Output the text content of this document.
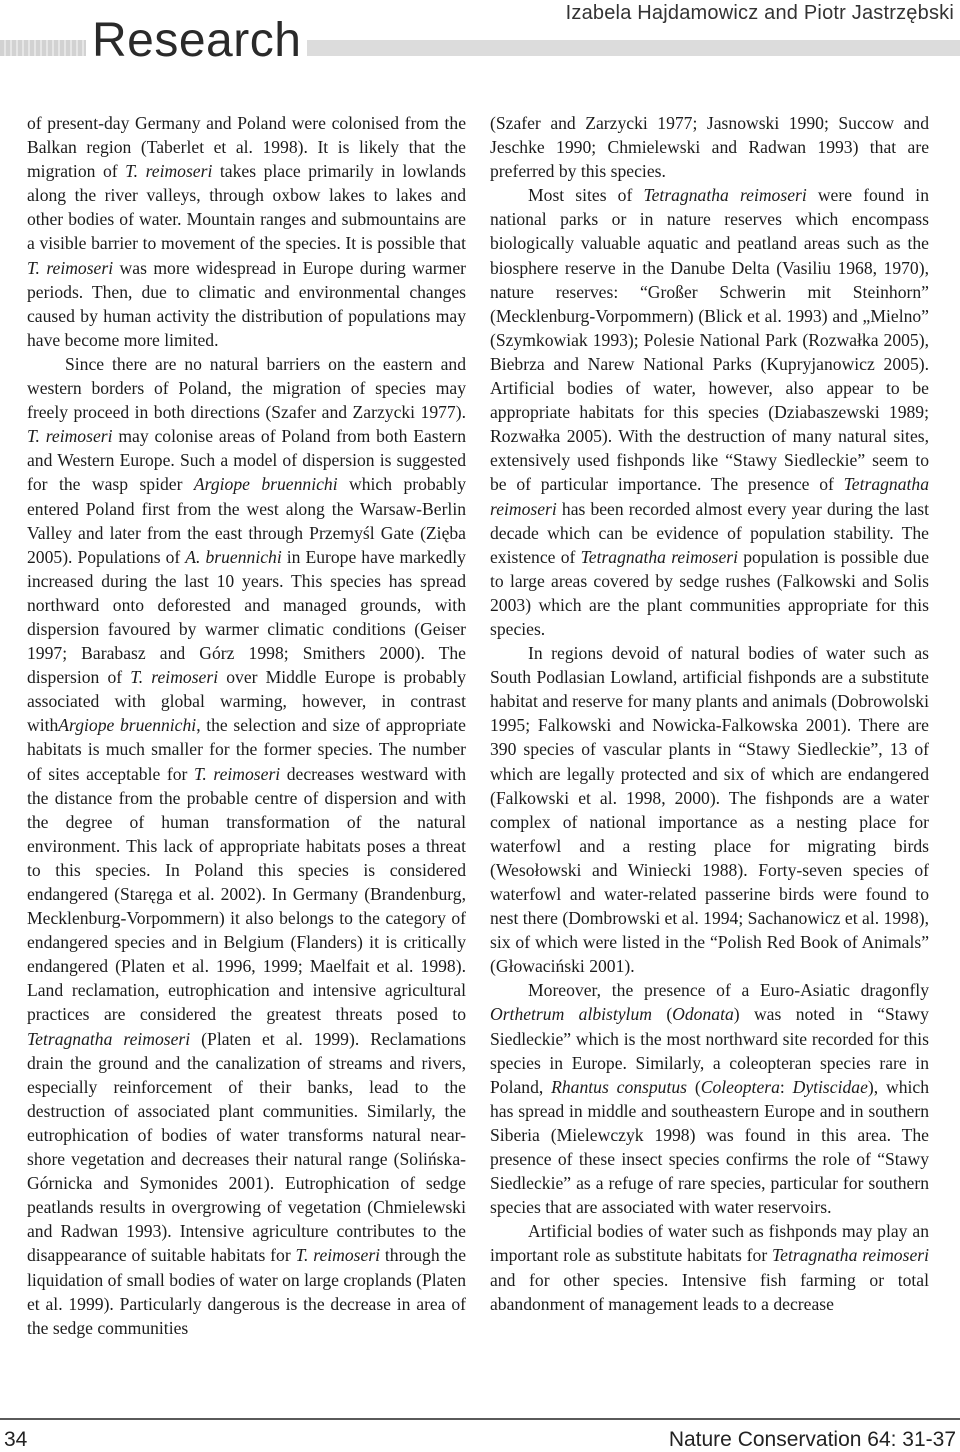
Izabela Hajdamowicz and Piotr Jastrzębski
Research

of present-day Germany and Poland were colonised from the Balkan region (Taberlet et al. 1998). It is likely that the migration of T. reimoseri takes place primarily in lowlands along the river valleys, through oxbow lakes to lakes and other bodies of water. Mountain ranges and submountains are a visible barrier to movement of the species. It is possible that T. reimoseri was more widespread in Europe during warmer periods. Then, due to climatic and environmental changes caused by human activity the distribution of populations may have become more limited.

Since there are no natural barriers on the eastern and western borders of Poland, the migration of species may freely proceed in both directions (Szafer and Zarzycki 1977). T. reimoseri may colonise areas of Poland from both Eastern and Western Europe. Such a model of dispersion is suggested for the wasp spider Argiope bruennichi which probably entered Poland first from the west along the Warsaw-Berlin Valley and later from the east through Przemyśl Gate (Zięba 2005). Populations of A. bruennichi in Europe have markedly increased during the last 10 years. This species has spread northward onto deforested and managed grounds, with dispersion favoured by warmer climatic conditions (Geiser 1997; Barabasz and Górz 1998; Smithers 2000). The dispersion of T. reimoseri over Middle Europe is probably associated with global warming, however, in contrast withArgiope bruennichi, the selection and size of appropriate habitats is much smaller for the former species. The number of sites acceptable for T. reimoseri decreases westward with the distance from the probable centre of dispersion and with the degree of human transformation of the natural environment. This lack of appropriate habitats poses a threat to this species. In Poland this species is considered endangered (Staręga et al. 2002). In Germany (Brandenburg, Mecklenburg-Vorpommern) it also belongs to the category of endangered species and in Belgium (Flanders) it is critically endangered (Platen et al. 1996, 1999; Maelfait et al. 1998). Land reclamation, eutrophication and intensive agricultural practices are considered the greatest threats posed to Tetragnatha reimoseri (Platen et al. 1999). Reclamations drain the ground and the canalization of streams and rivers, especially reinforcement of their banks, lead to the destruction of associated plant communities. Similarly, the eutrophication of bodies of water transforms natural near-shore vegetation and decreases their natural range (Solińska-Górnicka and Symonides 2001). Eutrophication of sedge peatlands results in overgrowing of vegetation (Chmielewski and Radwan 1993). Intensive agriculture contributes to the disappearance of suitable habitats for T. reimoseri through the liquidation of small bodies of water on large croplands (Platen et al. 1999). Particularly dangerous is the decrease in area of the sedge communities

(Szafer and Zarzycki 1977; Jasnowski 1990; Succow and Jeschke 1990; Chmielewski and Radwan 1993) that are preferred by this species.

Most sites of Tetragnatha reimoseri were found in national parks or in nature reserves which encompass biologically valuable aquatic and peatland areas such as the biosphere reserve in the Danube Delta (Vasiliu 1968, 1970), nature reserves: “Großer Schwerin mit Steinhorn” (Mecklenburg-Vorpommern) (Blick et al. 1993) and „Mielno” (Szymkowiak 1993); Polesie National Park (Rozwałka 2005), Biebrza and Narew National Parks (Kupryjanowicz 2005). Artificial bodies of water, however, also appear to be appropriate habitats for this species (Dziabaszewski 1989; Rozwałka 2005). With the destruction of many natural sites, extensively used fishponds like “Stawy Siedleckie” seem to be of particular importance. The presence of Tetragnatha reimoseri has been recorded almost every year during the last decade which can be evidence of population stability. The existence of Tetragnatha reimoseri population is possible due to large areas covered by sedge rushes (Falkowski and Solis 2003) which are the plant communities appropriate for this species.

In regions devoid of natural bodies of water such as South Podlasian Lowland, artificial fishponds are a substitute habitat and reserve for many plants and animals (Dobrowolski 1995; Falkowski and Nowicka-Falkowska 2001). There are 390 species of vascular plants in “Stawy Siedleckie”, 13 of which are legally protected and six of which are endangered (Falkowski et al. 1998, 2000). The fishponds are a water complex of national importance as a nesting place for waterfowl and a resting place for migrating birds (Wesołowski and Winiecki 1988). Forty-seven species of waterfowl and water-related passerine birds were found to nest there (Dombrowski et al. 1994; Sachanowicz et al. 1998), six of which were listed in the “Polish Red Book of Animals” (Głowaciński 2001).

Moreover, the presence of a Euro-Asiatic dragonfly Orthetrum albistylum (Odonata) was noted in “Stawy Siedleckie” which is the most northward site recorded for this species in Europe. Similarly, a coleopteran species rare in Poland, Rhantus consputus (Coleoptera: Dytiscidae), which has spread in middle and southeastern Europe and in southern Siberia (Mielewczyk 1998) was found in this area. The presence of these insect species confirms the role of “Stawy Siedleckie” as a refuge of rare species, particular for southern species that are associated with water reservoirs.

Artificial bodies of water such as fishponds may play an important role as substitute habitats for Tetragnatha reimoseri and for other species. Intensive fish farming or total abandonment of management leads to a decrease

34	Nature Conservation 64: 31-37
